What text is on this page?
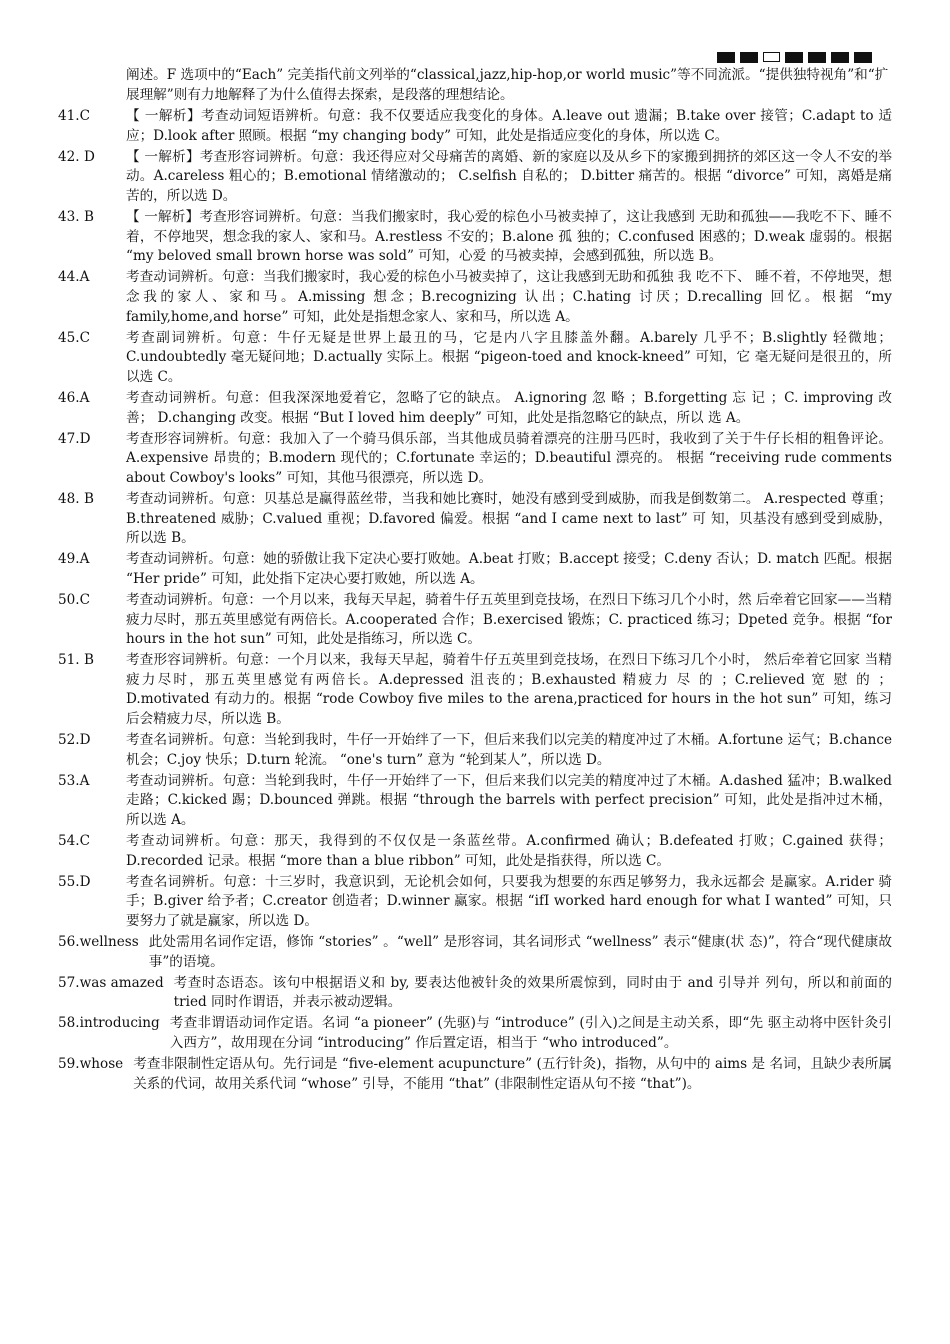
阐述。F 选项中的“Each” 完美指代前文列举的“classical,jazz,hip-hop,or world music”等不同流派。“提供独特视角”和“扩展理解”则有力地解释了为什么值得去探索，是段落的理想结论。
41.C	【 一解析】考查动词短语辨析。句意：我不仅要适应我变化的身体。A.leave out 遗漏；B.take over 接管；C.adapt to 适应；D.look after 照顾。根据 “my changing body” 可知，此处是指适应变化的身体，所以选 C。
42. D	【 一解析】考查形容词辨析。句意：我还得应对父母痛苦的离婚、新的家庭以及从乡下的家搬到拥挤的郊区这一令人不安的举动。A.careless 粗心的；B.emotional 情绪激动的； C.selfish 自私的； D.bitter 痛苦的。根据 “divorce” 可知，离婚是痛苦的，所以选 D。
43. B	【 一解析】考查形容词辨析。句意：当我们搬家时，我心爱的棕色小马被卖掉了，这让我感到 无助和孤独——我吃不下、睡不着，不停地哭，想念我的家人、家和马。A.restless 不安的；B.alone 孤 独的；C.confused 困惑的；D.weak 虚弱的。根据 “my beloved small brown horse was sold” 可知，心爱 的马被卖掉，会感到孤独，所以选 B。
44.A	考查动词辨析。句意：当我们搬家时，我心爱的棕色小马被卖掉了，这让我感到无助和孤独 我 吃不下、 睡不着，不停地哭，想念我的家人、家和马。A.missing 想念；B.recognizing 认出；C.hating 讨厌；D.recalling 回忆。根据 “my family,home,and horse” 可知，此处是指想念家人、家和马，所以选 A。
45.C	考查副词辨析。句意：牛仔无疑是世界上最丑的马，它是内八字且膝盖外翻。A.barely 几乎不；B.slightly 轻微地；C.undoubtedly 毫无疑问地；D.actually 实际上。根据 “pigeon-toed and knock-kneed” 可知，它 毫无疑问是很丑的，所以选 C。
46.A	考查动词辨析。句意：但我深深地爱着它，忽略了它的缺点。 A.ignoring 忽 略 ；B.forgetting 忘 记 ；C. improving 改善； D.changing 改变。根据 “But I loved him deeply” 可知，此处是指忽略它的缺点，所以 选 A。
47.D	考查形容词辨析。句意：我加入了一个骑马俱乐部，当其他成员骑着漂亮的注册马匹时，我收到了关于牛仔长相的粗鲁评论。A.expensive 昂贵的；B.modern 现代的；C.fortunate 幸运的；D.beautiful 漂亮的。 根据 “receiving rude comments about Cowboy's looks” 可知，其他马很漂亮，所以选 D。
48. B	考查动词辨析。句意：贝基总是赢得蓝丝带，当我和她比赛时，她没有感到受到威胁，而我是倒数第二。 A.respected 尊重；B.threatened 威胁；C.valued 重视；D.favored 偏爱。根据 “and I came next to last” 可 知，贝基没有感到受到威胁，所以选 B。
49.A	考查动词辨析。句意：她的骄傲让我下定决心要打败她。A.beat 打败；B.accept 接受；C.deny 否认；D. match 匹配。根据 “Her pride” 可知，此处指下定决心要打败她，所以选 A。
50.C	考查动词辨析。句意：一个月以来，我每天早起，骑着牛仔五英里到竞技场，在烈日下练习几个小时，然 后牵着它回家——当精疲力尽时，那五英里感觉有两倍长。A.cooperated 合作；B.exercised 锻炼；C. practiced 练习；Dpeted 竞争。根据 “for hours in the hot sun” 可知，此处是指练习，所以选 C。
51. B	考查形容词辨析。句意：一个月以来，我每天早起，骑着牛仔五英里到竞技场，在烈日下练习几个小时， 然后牵着它回家 当精疲力尽时，那五英里感觉有两倍长。A.depressed 沮丧的；B.exhausted 精疲力 尽 的 ；C.relieved 宽 慰 的 ；D.motivated 有动力的。根据 “rode Cowboy five miles to the arena,practiced for hours in the hot sun” 可知，练习后会精疲力尽，所以选 B。
52.D	考查名词辨析。句意：当轮到我时，牛仔一开始绊了一下，但后来我们以完美的精度冲过了木桶。A.fortune 运气；B.chance 机会；C.joy 快乐；D.turn 轮流。 “one's turn” 意为 “轮到某人”，所以选 D。
53.A	考查动词辨析。句意：当轮到我时，牛仔一开始绊了一下，但后来我们以完美的精度冲过了木桶。A.dashed 猛冲；B.walked 走路；C.kicked 踢；D.bounced 弹跳。根据 “through the barrels with perfect precision” 可知，此处是指冲过木桶，所以选 A。
54.C	考查动词辨析。句意：那天，我得到的不仅仅是一条蓝丝带。A.confirmed 确认；B.defeated 打败；C.gained 获得；D.recorded 记录。根据 “more than a blue ribbon” 可知，此处是指获得，所以选 C。
55.D	考查名词辨析。句意：十三岁时，我意识到，无论机会如何，只要我为想要的东西足够努力，我永远都会 是赢家。A.rider 骑手；B.giver 给予者；C.creator 创造者；D.winner 赢家。根据 “ifI worked hard enough for what I wanted” 可知，只要努力了就是赢家，所以选 D。
56.wellness 此处需用名词作定语，修饰 “stories” 。“well” 是形容词，其名词形式 “wellness” 表示“健康(状 态)”，符合“现代健康故事”的语境。
57.was amazed 考查时态语态。该句中根据语义和 by, 要表达他被针灸的效果所震惊到，同时由于 and 引导并 列句，所以和前面的 tried 同时作谓语，并表示被动逻辑。
58.introducing 考查非谓语动词作定语。名词 “a pioneer” (先驱)与 “introduce” (引入)之间是主动关系，即“先 驱主动将中医针灸引入西方”，故用现在分词 “introducing” 作后置定语，相当于 “who introduced”。
59.whose 考查非限制性定语从句。先行词是 “five-element acupuncture” (五行针灸)，指物，从句中的 aims 是 名词，且缺少表所属关系的代词，故用关系代词 “whose” 引导，不能用 “that” (非限制性定语从句不接 “that”)。
